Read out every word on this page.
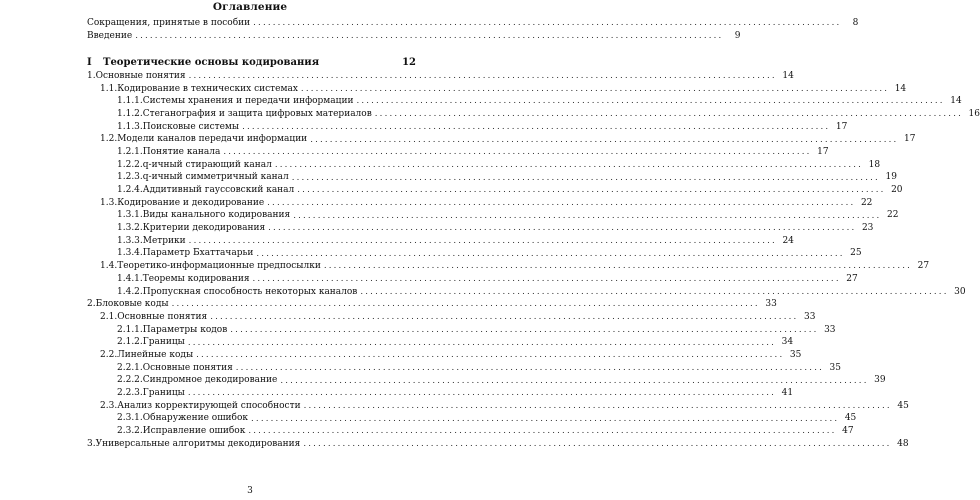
Оглавление
Сокращения, принятые в пособии ........................................................................................................................	8
Введение ........................................................................................................................	9
I	Теоретические основы кодирования	12
1. Основные понятия ........................................................................................................................ 14
1.1. Кодирование в технических системах ........................................................................................................................ 14
1.1.1. Системы хранения и передачи информации ........................................................................................................................ 14
1.1.2. Стеганография и защита цифровых материалов ........................................................................................................................ 16
1.1.3. Поисковые системы ........................................................................................................................ 17
1.2. Модели каналов передачи информации ........................................................................................................................ 17
1.2.1. Понятие канала ........................................................................................................................ 17
1.2.2. q-ичный стирающий канал ........................................................................................................................ 18
1.2.3. q-ичный симметричный канал ........................................................................................................................ 19
1.2.4. Аддитивный гауссовский канал ........................................................................................................................ 20
1.3. Кодирование и декодирование ........................................................................................................................ 22
1.3.1. Виды канального кодирования ........................................................................................................................ 22
1.3.2. Критерии декодирования ........................................................................................................................ 23
1.3.3. Метрики ........................................................................................................................ 24
1.3.4. Параметр Бхаттачарьи ........................................................................................................................ 25
1.4. Теоретико-информационные предпосылки ........................................................................................................................ 27
1.4.1. Теоремы кодирования ........................................................................................................................ 27
1.4.2. Пропускная способность некоторых каналов ........................................................................................................................ 30
2. Блоковые коды ........................................................................................................................ 33
2.1. Основные понятия ........................................................................................................................ 33
2.1.1. Параметры кодов ........................................................................................................................ 33
2.1.2. Границы ........................................................................................................................ 34
2.2. Линейные коды ........................................................................................................................ 35
2.2.1. Основные понятия ........................................................................................................................ 35
2.2.2. Синдромное декодирование ........................................................................................................................ 39
2.2.3. Границы ........................................................................................................................ 41
2.3. Анализ корректирующей способности ........................................................................................................................ 45
2.3.1. Обнаружение ошибок ........................................................................................................................ 45
2.3.2. Исправление ошибок ........................................................................................................................ 47
3. Универсальные алгоритмы декодирования ........................................................................................................................ 48
3
